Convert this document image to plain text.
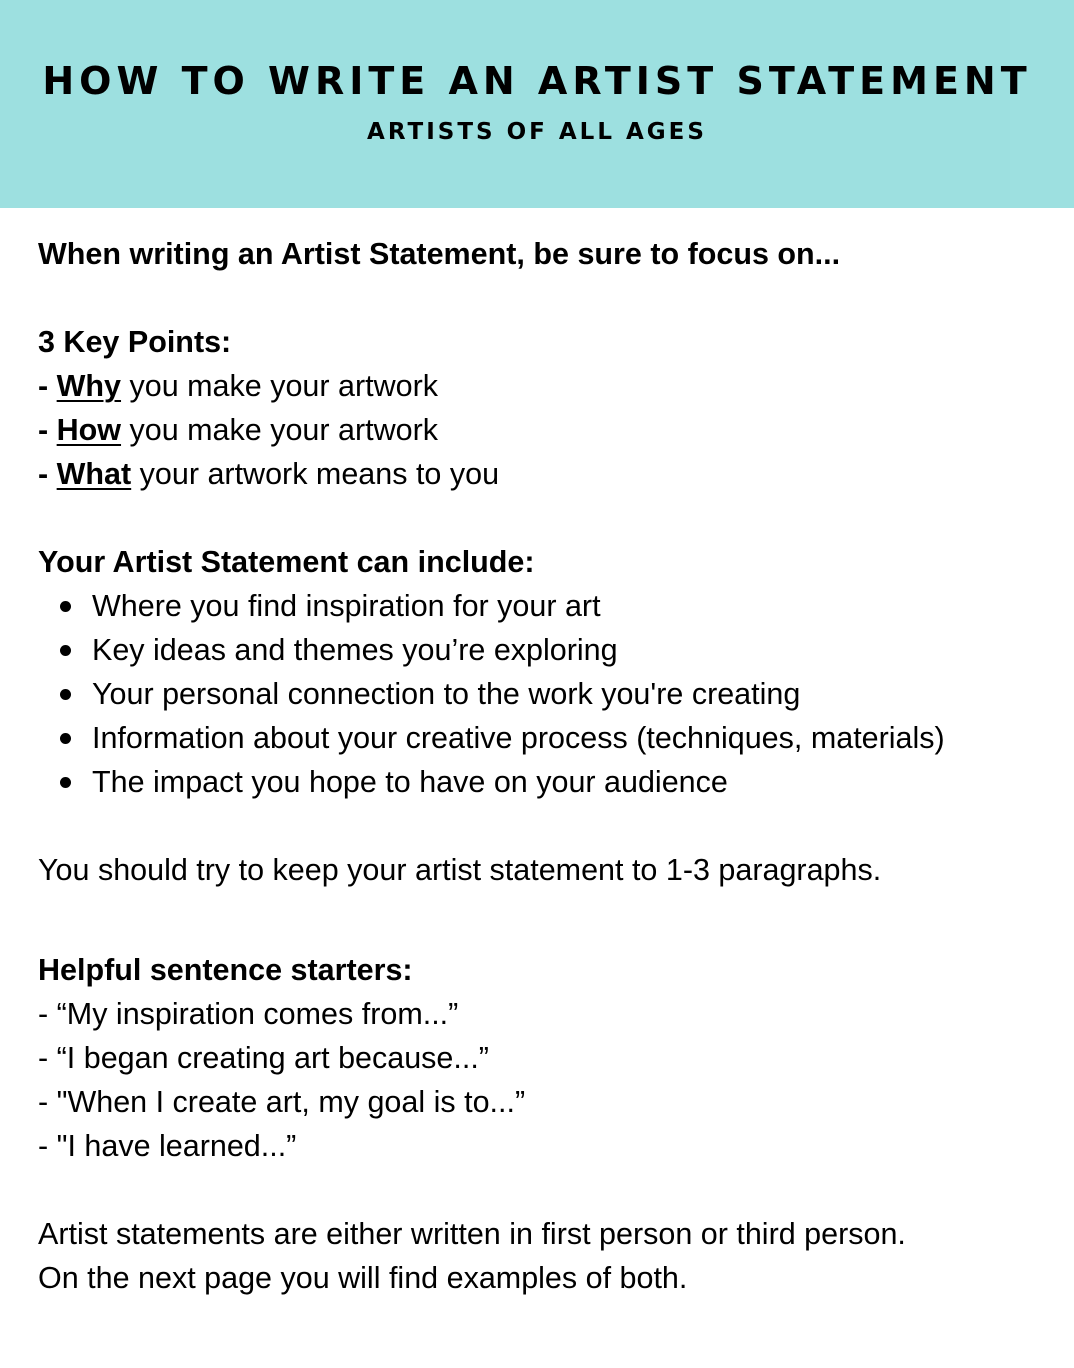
HOW TO WRITE AN ARTIST STATEMENT
ARTISTS OF ALL AGES
When writing an Artist Statement, be sure to focus on...
3 Key Points:
- Why you make your artwork
- How you make your artwork
- What your artwork means to you
Your Artist Statement can include:
Where you find inspiration for your art
Key ideas and themes you’re exploring
Your personal connection to the work you're creating
Information about your creative process (techniques, materials)
The impact you hope to have on your audience
You should try to keep your artist statement to 1-3 paragraphs.
Helpful sentence starters:
- “My inspiration comes from...”
- “I began creating art because...”
- "When I create art, my goal is to...”
- "I have learned...”
Artist statements are either written in first person or third person.
On the next page you will find examples of both.
